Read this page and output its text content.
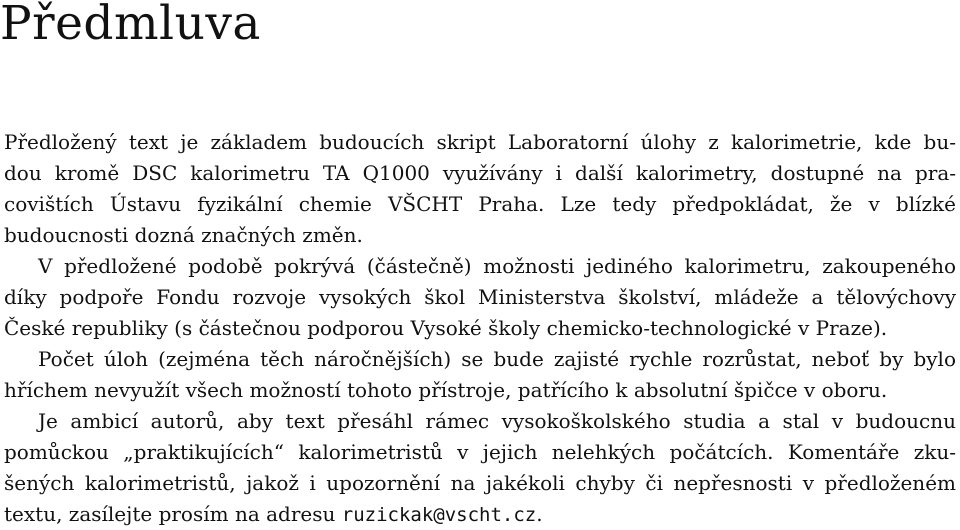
Předmluva

Předložený text je základem budoucích skript Laboratorní úlohy z kalorimetrie, kde bu-

dou kromě DSC kalorimetru TA Q1000 využívány i další kalorimetry, dostupné na pra-

covištích Ústavu fyzikální chemie VŠCHT Praha. Lze tedy předpokládat, že v blízké

budoucnosti dozná značných změn.

V předložené podobě pokrývá (částečně) možnosti jediného kalorimetru, zakoupeného

díky podpoře Fondu rozvoje vysokých škol Ministerstva školství, mládeže a tělovýchovy

České republiky (s částečnou podporou Vysoké školy chemicko-technologické v Praze).

Počet úloh (zejména těch náročnějších) se bude zajisté rychle rozrůstat, neboť by bylo

hříchem nevyužít všech možností tohoto přístroje, patřícího k absolutní špičce v oboru.

Je ambicí autorů, aby text přesáhl rámec vysokoškolského studia a stal v budoucnu

pomůckou „praktikujících“ kalorimetristů v jejich nelehkých počátcích. Komentáře zku-

šených kalorimetristů, jakož i upozornění na jakékoli chyby či nepřesnosti v předloženém

textu, zasílejte prosím na adresu ruzickak@vscht.cz.
